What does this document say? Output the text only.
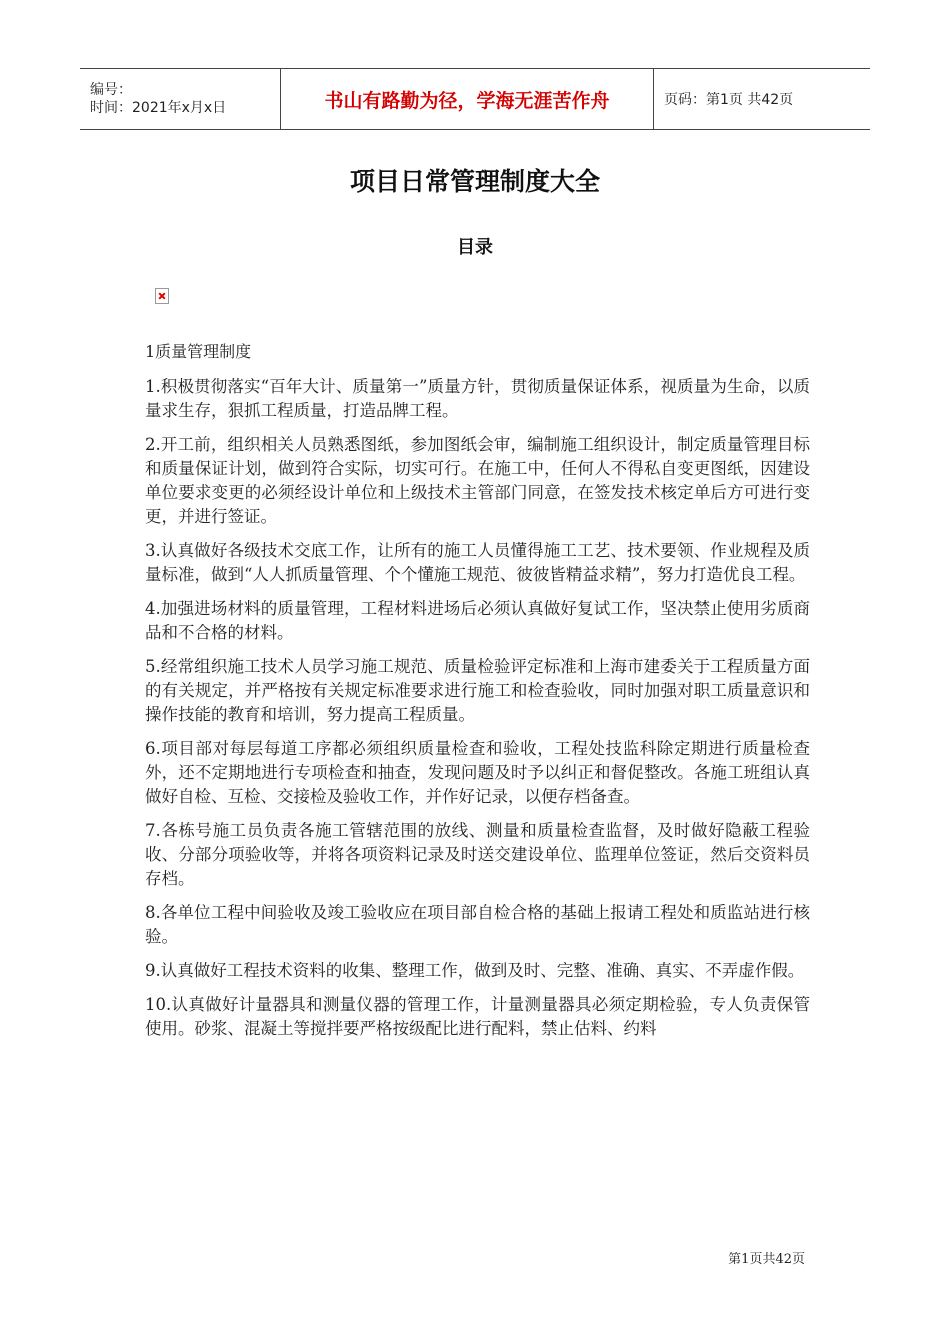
编号：
时间：2021年x月x日	书山有路勤为径，学海无涯苦作舟	页码：第1页 共42页
项目日常管理制度大全
目录
1质量管理制度
1.积极贯彻落实“百年大计、质量第一”质量方针，贯彻质量保证体系，视质量为生命，以质量求生存，狠抓工程质量，打造品牌工程。
2.开工前，组织相关人员熟悉图纸，参加图纸会审，编制施工组织设计，制定质量管理目标和质量保证计划，做到符合实际，切实可行。在施工中，任何人不得私自变更图纸，因建设单位要求变更的必须经设计单位和上级技术主管部门同意，在签发技术核定单后方可进行变更，并进行签证。
3.认真做好各级技术交底工作，让所有的施工人员懂得施工工艺、技术要领、作业规程及质量标准，做到“人人抓质量管理、个个懂施工规范、彼彼皆精益求精”，努力打造优良工程。
4.加强进场材料的质量管理，工程材料进场后必须认真做好复试工作，坚决禁止使用劣质商品和不合格的材料。
5.经常组织施工技术人员学习施工规范、质量检验评定标准和上海市建委关于工程质量方面的有关规定，并严格按有关规定标准要求进行施工和检查验收，同时加强对职工质量意识和操作技能的教育和培训，努力提高工程质量。
6.项目部对每层每道工序都必须组织质量检查和验收，工程处技监科除定期进行质量检查外，还不定期地进行专项检查和抽查，发现问题及时予以纠正和督促整改。各施工班组认真做好自检、互检、交接检及验收工作，并作好记录，以便存档备查。
7.各栋号施工员负责各施工管辖范围的放线、测量和质量检查监督，及时做好隐蔽工程验收、分部分项验收等，并将各项资料记录及时送交建设单位、监理单位签证，然后交资料员存档。
8.各单位工程中间验收及竣工验收应在项目部自检合格的基础上报请工程处和质监站进行核验。
9.认真做好工程技术资料的收集、整理工作，做到及时、完整、准确、真实、不弄虚作假。
10.认真做好计量器具和测量仪器的管理工作，计量测量器具必须定期检验，专人负责保管使用。砂浆、混凝土等搅拌要严格按级配比进行配料，禁止估料、约料
第1页共42页
